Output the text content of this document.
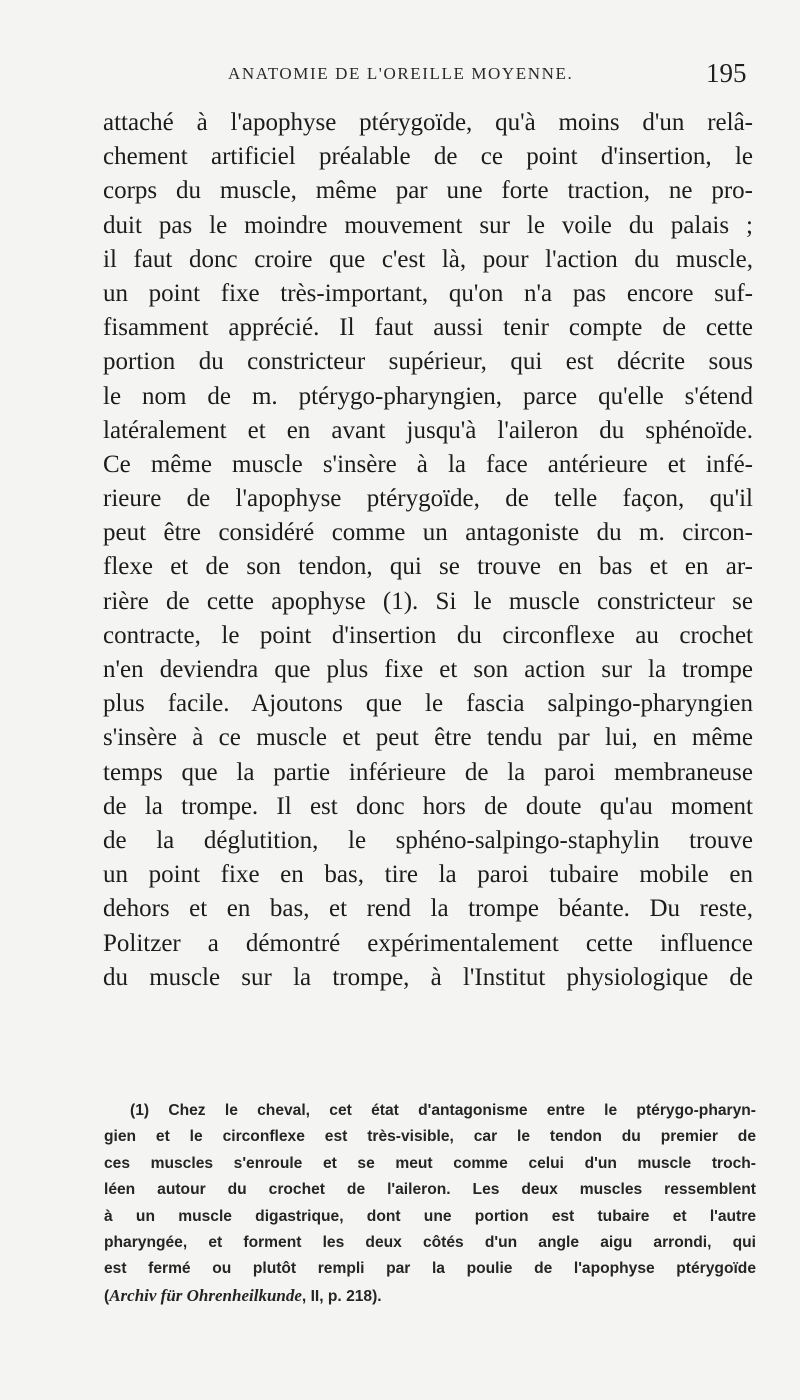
ANATOMIE DE L'OREILLE MOYENNE.	195
attaché à l'apophyse ptérygoïde, qu'à moins d'un relâ-
chement artificiel préalable de ce point d'insertion, le
corps du muscle, même par une forte traction, ne pro-
duit pas le moindre mouvement sur le voile du palais ;
il faut donc croire que c'est là, pour l'action du muscle,
un point fixe très-important, qu'on n'a pas encore suf-
fisamment apprécié. Il faut aussi tenir compte de cette
portion du constricteur supérieur, qui est décrite sous
le nom de m. ptérygo-pharyngien, parce qu'elle s'étend
latéralement et en avant jusqu'à l'aileron du sphénoïde.
Ce même muscle s'insère à la face antérieure et infé-
rieure de l'apophyse ptérygoïde, de telle façon, qu'il
peut être considéré comme un antagoniste du m. circon-
flexe et de son tendon, qui se trouve en bas et en ar-
rière de cette apophyse (1). Si le muscle constricteur se
contracte, le point d'insertion du circonflexe au crochet
n'en deviendra que plus fixe et son action sur la trompe
plus facile. Ajoutons que le fascia salpingo-pharyngien
s'insère à ce muscle et peut être tendu par lui, en même
temps que la partie inférieure de la paroi membraneuse
de la trompe. Il est donc hors de doute qu'au moment
de la déglutition, le sphéno-salpingo-staphylin trouve
un point fixe en bas, tire la paroi tubaire mobile en
dehors et en bas, et rend la trompe béante. Du reste,
Politzer a démontré expérimentalement cette influence
du muscle sur la trompe, à l'Institut physiologique de
(1) Chez le cheval, cet état d'antagonisme entre le ptérygo-pharyn-
gien et le circonflexe est très-visible, car le tendon du premier de
ces muscles s'enroule et se meut comme celui d'un muscle troch-
léen autour du crochet de l'aileron. Les deux muscles ressemblent
à un muscle digastrique, dont une portion est tubaire et l'autre
pharyngée, et forment les deux côtés d'un angle aigu arrondi, qui
est fermé ou plutôt rempli par la poulie de l'apophyse ptérygoïde
(Archiv für Ohrenheilkunde, II, p. 218).
